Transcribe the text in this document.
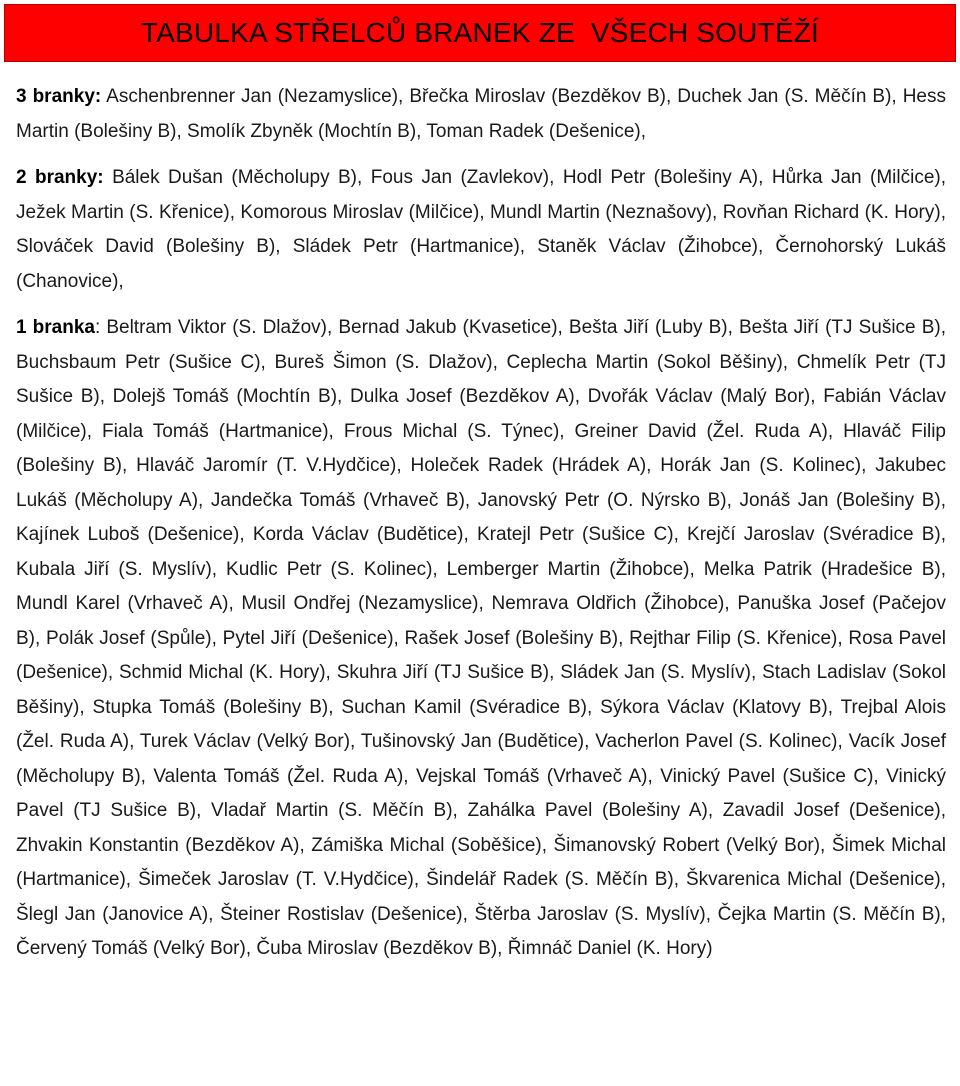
TABULKA STŘELCŮ BRANEK ZE  VŠECH SOUTĚŽÍ

3 branky: Aschenbrenner Jan (Nezamyslice), Břečka Miroslav (Bezděkov B), Duchek Jan (S. Měčín B), Hess Martin (Bolešiny B), Smolík Zbyněk (Mochtín B), Toman Radek (Dešenice),

2 branky: Bálek Dušan (Měcholupy B), Fous Jan (Zavlekov), Hodl Petr (Bolešiny A), Hůrka Jan (Milčice), Ježek Martin (S. Křenice), Komorous Miroslav (Milčice), Mundl Martin (Neznašovy), Rovňan Richard (K. Hory), Slováček David (Bolešiny B), Sládek Petr (Hartmanice), Staněk Václav (Žihobce), Černohorský Lukáš (Chanovice),

1 branka: Beltram Viktor (S. Dlažov), Bernad Jakub (Kvasetice), Bešta Jiří (Luby B), Bešta Jiří (TJ Sušice B), Buchsbaum Petr (Sušice C), Bureš Šimon (S. Dlažov), Ceplecha Martin (Sokol Běšiny), Chmelík Petr (TJ Sušice B), Dolejš Tomáš (Mochtín B), Dulka Josef (Bezděkov A), Dvořák Václav (Malý Bor), Fabián Václav (Milčice), Fiala Tomáš (Hartmanice), Frous Michal (S. Týnec), Greiner David (Žel. Ruda A), Hlaváč Filip (Bolešiny B), Hlaváč Jaromír (T. V.Hydčice), Holeček Radek (Hrádek A), Horák Jan (S. Kolinec), Jakubec Lukáš (Měcholupy A), Jandečka Tomáš (Vrhaveč B), Janovský Petr (O. Nýrsko B), Jonáš Jan (Bolešiny B), Kajínek Luboš (Dešenice), Korda Václav (Budětice), Kratejl Petr (Sušice C), Krejčí Jaroslav (Svéradice B), Kubala Jiří (S. Myslív), Kudlic Petr (S. Kolinec), Lemberger Martin (Žihobce), Melka Patrik (Hradešice B), Mundl Karel (Vrhaveč A), Musil Ondřej (Nezamyslice), Nemrava Oldřich (Žihobce), Panuška Josef (Pačejov B), Polák Josef (Spůle), Pytel Jiří (Dešenice), Rašek Josef (Bolešiny B), Rejthar Filip (S. Křenice), Rosa Pavel (Dešenice), Schmid Michal (K. Hory), Skuhra Jiří (TJ Sušice B), Sládek Jan (S. Myslív), Stach Ladislav (Sokol Běšiny), Stupka Tomáš (Bolešiny B), Suchan Kamil (Svéradice B), Sýkora Václav (Klatovy B), Trejbal Alois (Žel. Ruda A), Turek Václav (Velký Bor), Tušinovský Jan (Budětice), Vacherlon Pavel (S. Kolinec), Vacík Josef (Měcholupy B), Valenta Tomáš (Žel. Ruda A), Vejskal Tomáš (Vrhaveč A), Vinický Pavel (Sušice C), Vinický Pavel (TJ Sušice B), Vladař Martin (S. Měčín B), Zahálka Pavel (Bolešiny A), Zavadil Josef (Dešenice), Zhvakin Konstantin (Bezděkov A), Zámiška Michal (Soběšice), Šimanovský Robert (Velký Bor), Šimek Michal (Hartmanice), Šimeček Jaroslav (T. V.Hydčice), Šindelář Radek (S. Měčín B), Škvarenica Michal (Dešenice), Šlegl Jan (Janovice A), Šteiner Rostislav (Dešenice), Štěrba Jaroslav (S. Myslív), Čejka Martin (S. Měčín B), Červený Tomáš (Velký Bor), Čuba Miroslav (Bezděkov B), Řimnáč Daniel (K. Hory)
